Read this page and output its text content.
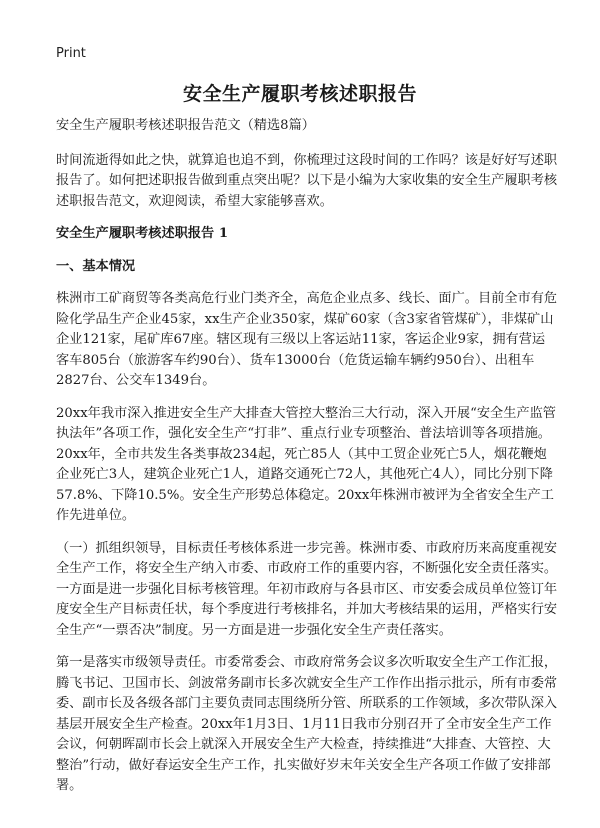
Print
安全生产履职考核述职报告

安全生产履职考核述职报告范文（精选8篇）

时间流逝得如此之快，就算追也追不到，你梳理过这段时间的工作吗？该是好好写述职报告了。如何把述职报告做到重点突出呢？以下是小编为大家收集的安全生产履职考核述职报告范文，欢迎阅读，希望大家能够喜欢。

安全生产履职考核述职报告 1

一、基本情况

株洲市工矿商贸等各类高危行业门类齐全，高危企业点多、线长、面广。目前全市有危险化学品生产企业45家，xx生产企业350家，煤矿60家（含3家省管煤矿），非煤矿山企业121家，尾矿库67座。辖区现有三级以上客运站11家，客运企业9家，拥有营运客车805台（旅游客车约90台）、货车13000台（危货运输车辆约950台）、出租车2827台、公交车1349台。

20xx年我市深入推进安全生产大排查大管控大整治三大行动，深入开展“安全生产监管执法年”各项工作，强化安全生产“打非”、重点行业专项整治、普法培训等各项措施。20xx年，全市共发生各类事故234起，死亡85人（其中工贸企业死亡5人，烟花鞭炮企业死亡3人，建筑企业死亡1人，道路交通死亡72人，其他死亡4人），同比分别下降57.8%、下降10.5%。安全生产形势总体稳定。20xx年株洲市被评为全省安全生产工作先进单位。

（一）抓组织领导，目标责任考核体系进一步完善。株洲市委、市政府历来高度重视安全生产工作，将安全生产纳入市委、市政府工作的重要内容，不断强化安全责任落实。一方面是进一步强化目标考核管理。年初市政府与各县市区、市安委会成员单位签订年度安全生产目标责任状，每个季度进行考核排名，并加大考核结果的运用，严格实行安全生产“一票否决”制度。另一方面是进一步强化安全生产责任落实。

第一是落实市级领导责任。市委常委会、市政府常务会议多次听取安全生产工作汇报，腾飞书记、卫国市长、剑波常务副市长多次就安全生产工作作出指示批示，所有市委常委、副市长及各级各部门主要负责同志围绕所分管、所联系的工作领域，多次带队深入基层开展安全生产检查。20xx年1月3日、1月11日我市分别召开了全市安全生产工作会议，何朝晖副市长会上就深入开展安全生产大检查，持续推进“大排查、大管控、大整治”行动，做好春运安全生产工作，扎实做好岁末年关安全生产各项工作做了安排部署。
